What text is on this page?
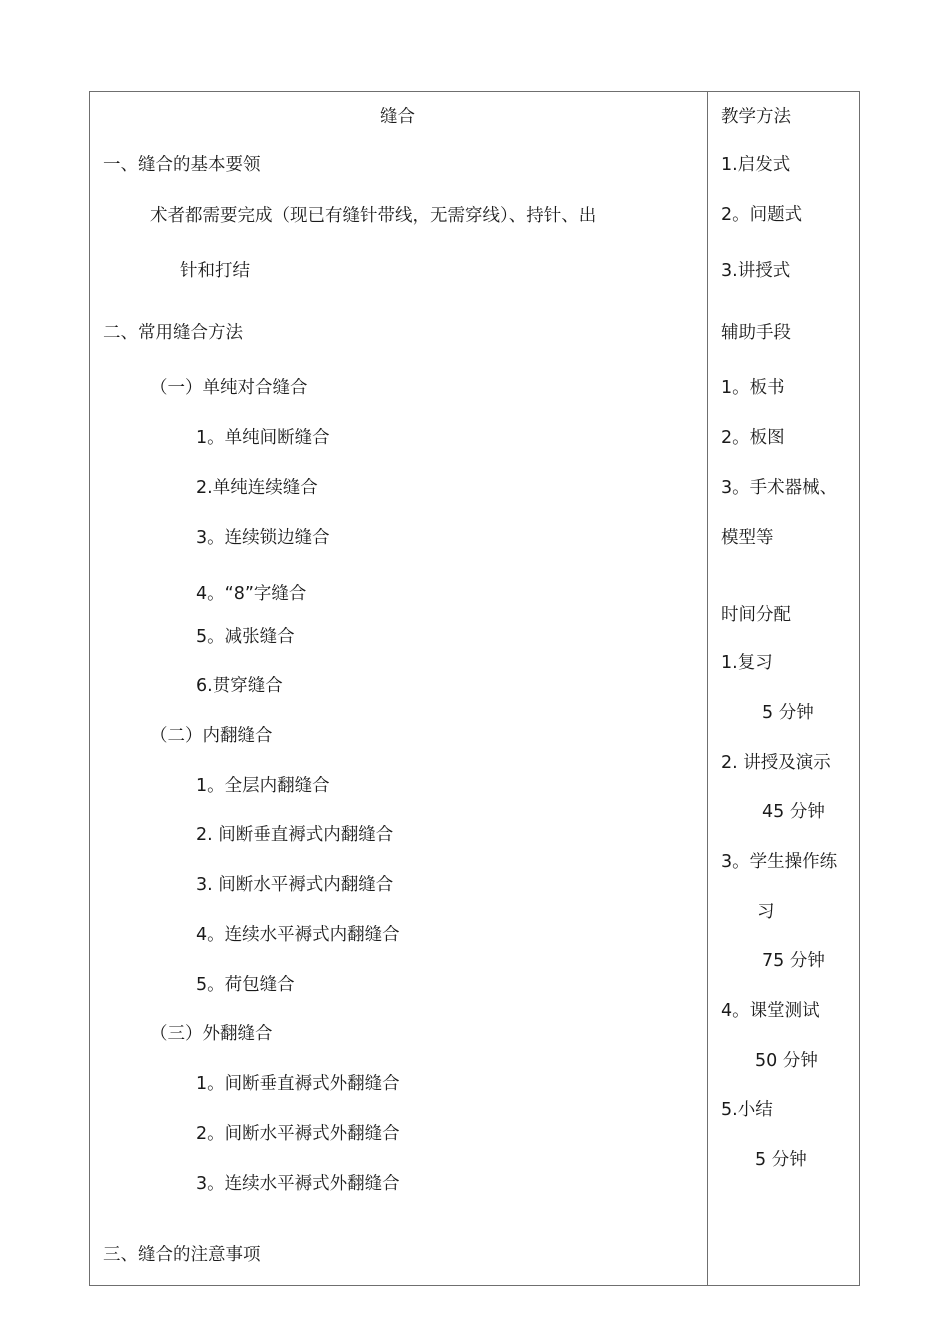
缝合
一、缝合的基本要领
术者都需要完成（现已有缝针带线，无需穿线）、持针、出
针和打结
二、常用缝合方法
（一）单纯对合缝合
1。单纯间断缝合
2.单纯连续缝合
3。连续锁边缝合
4。“8”字缝合
5。减张缝合
6.贯穿缝合
（二）内翻缝合
1。全层内翻缝合
2. 间断垂直褥式内翻缝合
3. 间断水平褥式内翻缝合
4。连续水平褥式内翻缝合
5。荷包缝合
（三）外翻缝合
1。间断垂直褥式外翻缝合
2。间断水平褥式外翻缝合
3。连续水平褥式外翻缝合
三、缝合的注意事项
教学方法
1.启发式
2。问题式
3.讲授式
辅助手段
1。板书
2。板图
3。手术器械、
模型等
时间分配
1.复习
5 分钟
2. 讲授及演示
45 分钟
3。学生操作练
习
75 分钟
4。课堂测试
50 分钟
5.小结
5 分钟
